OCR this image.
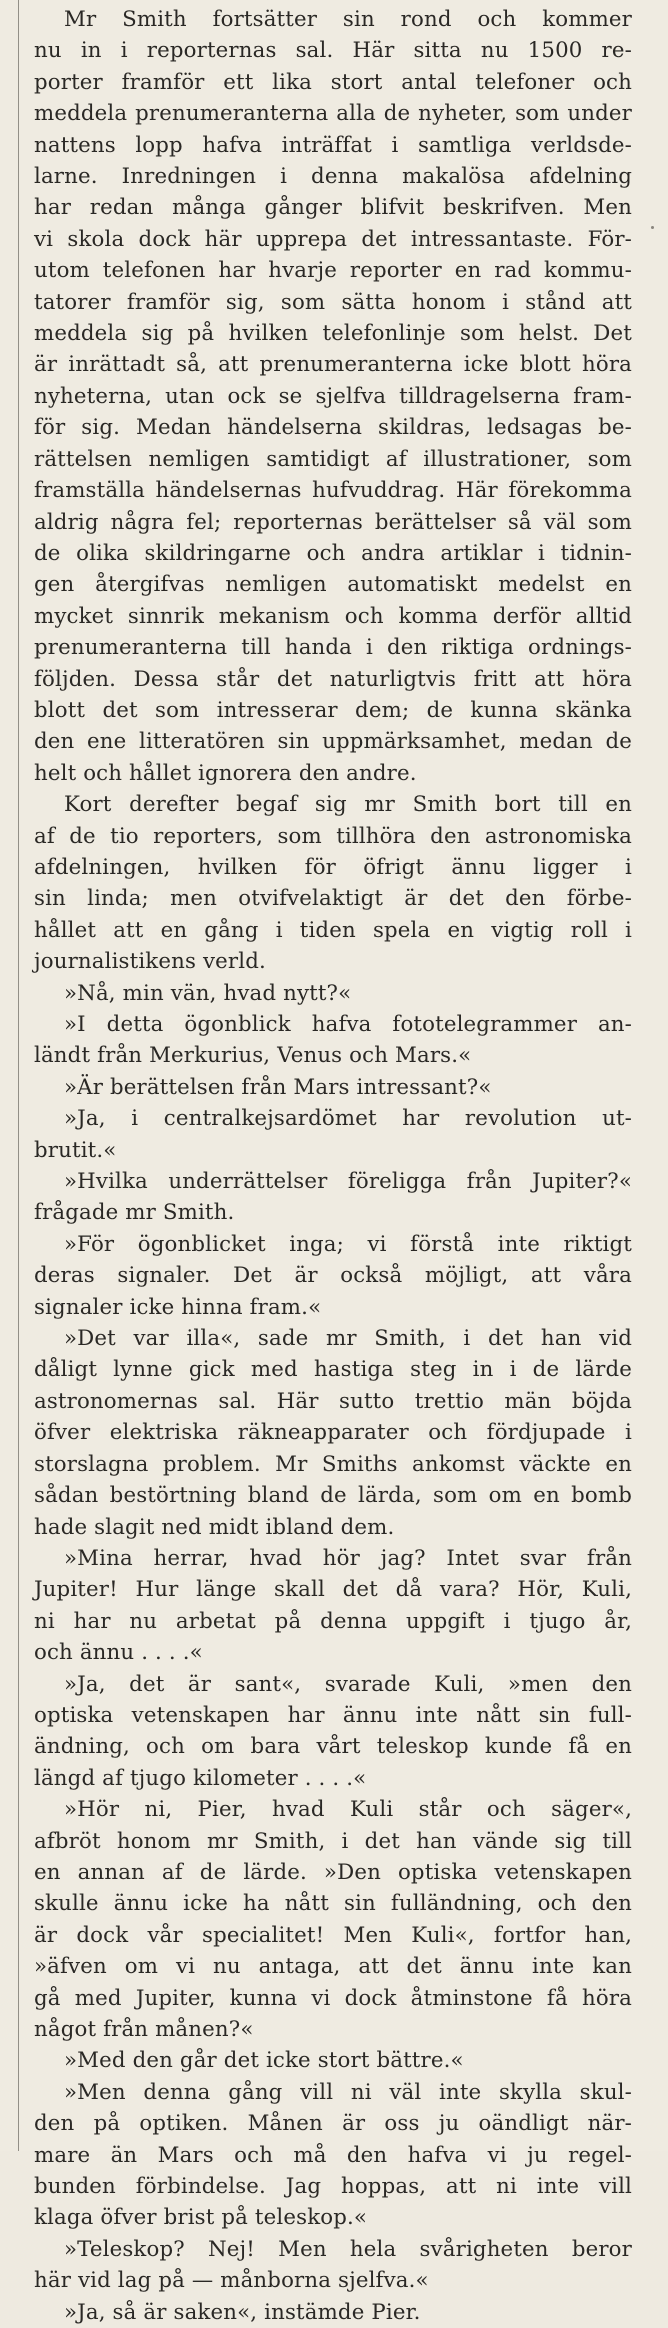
Mr Smith fortsätter sin rond och kommer
nu in i reporternas sal. Här sitta nu 1500 re-
porter framför ett lika stort antal telefoner och
meddela prenumeranterna alla de nyheter, som under
nattens lopp hafva inträffat i samtliga verldsde-
larne. Inredningen i denna makalösa afdelning
har redan många gånger blifvit beskrifven. Men
vi skola dock här upprepa det intressantaste. För-
utom telefonen har hvarje reporter en rad kommu-
tatorer framför sig, som sätta honom i stånd att
meddela sig på hvilken telefonlinje som helst. Det
är inrättadt så, att prenumeranterna icke blott höra
nyheterna, utan ock se sjelfva tilldragelserna fram-
för sig. Medan händelserna skildras, ledsagas be-
rättelsen nemligen samtidigt af illustrationer, som
framställa händelsernas hufvuddrag. Här förekomma
aldrig några fel; reporternas berättelser så väl som
de olika skildringarne och andra artiklar i tidnin-
gen återgifvas nemligen automatiskt medelst en
mycket sinnrik mekanism och komma derför alltid
prenumeranterna till handa i den riktiga ordnings-
följden. Dessa står det naturligtvis fritt att höra
blott det som intresserar dem; de kunna skänka
den ene litteratören sin uppmärksamhet, medan de
helt och hållet ignorera den andre.
Kort derefter begaf sig mr Smith bort till en
af de tio reporters, som tillhöra den astronomiska
afdelningen, hvilken för öfrigt ännu ligger i
sin linda; men otvifvelaktigt är det den förbe-
hållet att en gång i tiden spela en vigtig roll i
journalistikens verld.
»Nå, min vän, hvad nytt?«
»I detta ögonblick hafva fototelegrammer an-
ländt från Merkurius, Venus och Mars.«
»Är berättelsen från Mars intressant?«
»Ja, i centralkejsardömet har revolution ut-
brutit.«
»Hvilka underrättelser föreligga från Jupiter?«
frågade mr Smith.
»För ögonblicket inga; vi förstå inte riktigt
deras signaler. Det är också möjligt, att våra
signaler icke hinna fram.«
»Det var illa«, sade mr Smith, i det han vid
dåligt lynne gick med hastiga steg in i de lärde
astronomernas sal. Här sutto trettio män böjda
öfver elektriska räkneapparater och fördjupade i
storslagna problem. Mr Smiths ankomst väckte en
sådan bestörtning bland de lärda, som om en bomb
hade slagit ned midt ibland dem.
»Mina herrar, hvad hör jag? Intet svar från
Jupiter! Hur länge skall det då vara? Hör, Kuli,
ni har nu arbetat på denna uppgift i tjugo år,
och ännu . . . .«
»Ja, det är sant«, svarade Kuli, »men den
optiska vetenskapen har ännu inte nått sin full-
ändning, och om bara vårt teleskop kunde få en
längd af tjugo kilometer . . . .«
»Hör ni, Pier, hvad Kuli står och säger«,
afbröt honom mr Smith, i det han vände sig till
en annan af de lärde. »Den optiska vetenskapen
skulle ännu icke ha nått sin fulländning, och den
är dock vår specialitet! Men Kuli«, fortfor han,
»äfven om vi nu antaga, att det ännu inte kan
gå med Jupiter, kunna vi dock åtminstone få höra
något från månen?«
»Med den går det icke stort bättre.«
»Men denna gång vill ni väl inte skylla skul-
den på optiken. Månen är oss ju oändligt när-
mare än Mars och må den hafva vi ju regel-
bunden förbindelse. Jag hoppas, att ni inte vill
klaga öfver brist på teleskop.«
»Teleskop? Nej! Men hela svårigheten beror
här vid lag på — månborna sjelfva.«
»Ja, så är saken«, instämde Pier.
